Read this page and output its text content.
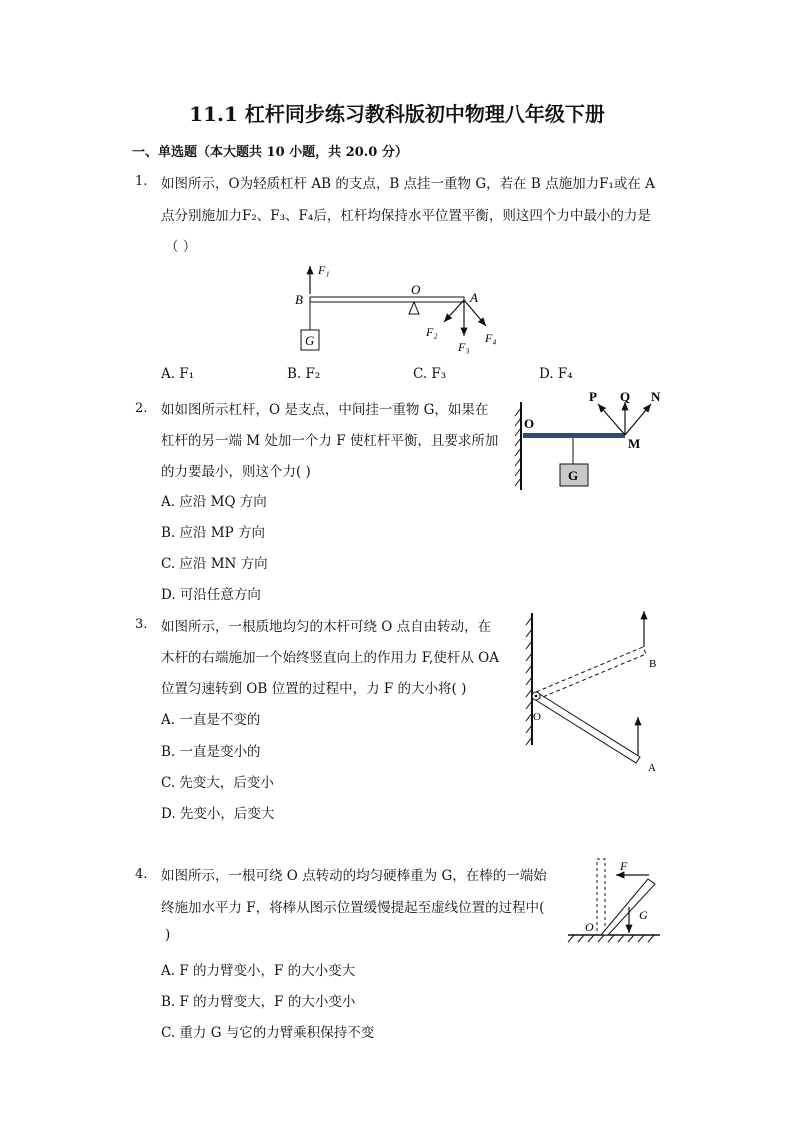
11.1 杠杆同步练习教科版初中物理八年级下册
一、单选题（本大题共 10 小题，共 20.0 分）
1. 如图所示，O为轻质杠杆 AB 的支点，B 点挂一重物 G，若在 B 点施加力F₁或在 A
点分别施加力F₂、F₃、F₄后，杠杆均保持水平位置平衡，则这四个力中最小的力是
（ ）
F₁
B
O
A
G
F₂
F₃
F₄
A. F₁	B. F₂	C. F₃	D. F₄
2. 如如图所示杠杆，O 是支点，中间挂一重物 G，如果在
杠杆的另一端 M 处加一个力 F 使杠杆平衡，且要求所加
的力要最小，则这个力( )
O
M
G
P Q N
A. 应沿 MQ 方向
B. 应沿 MP 方向
C. 应沿 MN 方向
D. 可沿任意方向
3. 如图所示，一根质地均匀的木杆可绕 O 点自由转动，在
木杆的右端施加一个始终竖直向上的作用力 F,使杆从 OA
位置匀速转到 OB 位置的过程中，力 F 的大小将( )
B
O
A
A. 一直是不变的
B. 一直是变小的
C. 先变大，后变小
D. 先变小，后变大
4. 如图所示，一根可绕 O 点转动的均匀硬棒重为 G，在棒的一端始
终施加水平力 F，将棒从图示位置缓慢提起至虚线位置的过程中(
)
F
G
O
A. F 的力臂变小，F 的大小变大
B. F 的力臂变大，F 的大小变小
C. 重力 G 与它的力臂乘积保持不变
